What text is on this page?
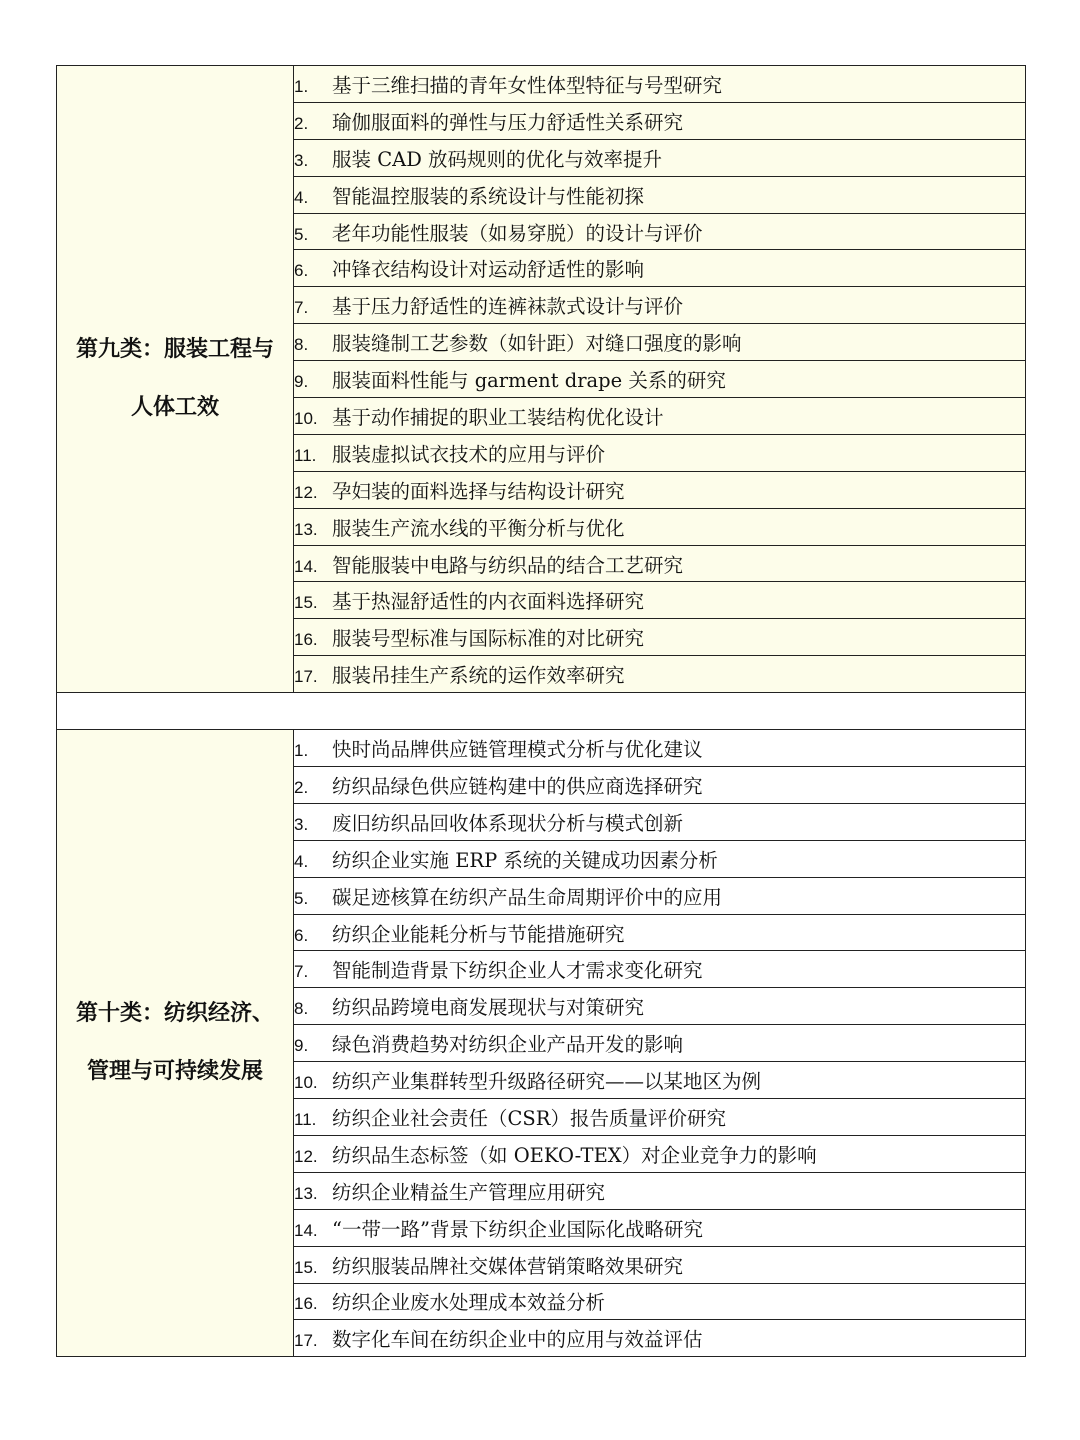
第九类：服装工程与
人体工效	1. 基于三维扫描的青年女性体型特征与号型研究
	2. 瑜伽服面料的弹性与压力舒适性关系研究
	3. 服装 CAD 放码规则的优化与效率提升
	4. 智能温控服装的系统设计与性能初探
	5. 老年功能性服装（如易穿脱）的设计与评价
	6. 冲锋衣结构设计对运动舒适性的影响
	7. 基于压力舒适性的连裤袜款式设计与评价
	8. 服装缝制工艺参数（如针距）对缝口强度的影响
	9. 服装面料性能与 garment drape 关系的研究
	10. 基于动作捕捉的职业工装结构优化设计
	11. 服装虚拟试衣技术的应用与评价
	12. 孕妇装的面料选择与结构设计研究
	13. 服装生产流水线的平衡分析与优化
	14. 智能服装中电路与纺织品的结合工艺研究
	15. 基于热湿舒适性的内衣面料选择研究
	16. 服装号型标准与国际标准的对比研究
	17. 服装吊挂生产系统的运作效率研究

第十类：纺织经济、
管理与可持续发展	1. 快时尚品牌供应链管理模式分析与优化建议
	2. 纺织品绿色供应链构建中的供应商选择研究
	3. 废旧纺织品回收体系现状分析与模式创新
	4. 纺织企业实施 ERP 系统的关键成功因素分析
	5. 碳足迹核算在纺织产品生命周期评价中的应用
	6. 纺织企业能耗分析与节能措施研究
	7. 智能制造背景下纺织企业人才需求变化研究
	8. 纺织品跨境电商发展现状与对策研究
	9. 绿色消费趋势对纺织企业产品开发的影响
	10. 纺织产业集群转型升级路径研究——以某地区为例
	11. 纺织企业社会责任（CSR）报告质量评价研究
	12. 纺织品生态标签（如 OEKO-TEX）对企业竞争力的影响
	13. 纺织企业精益生产管理应用研究
	14. “一带一路”背景下纺织企业国际化战略研究
	15. 纺织服装品牌社交媒体营销策略效果研究
	16. 纺织企业废水处理成本效益分析
	17. 数字化车间在纺织企业中的应用与效益评估
